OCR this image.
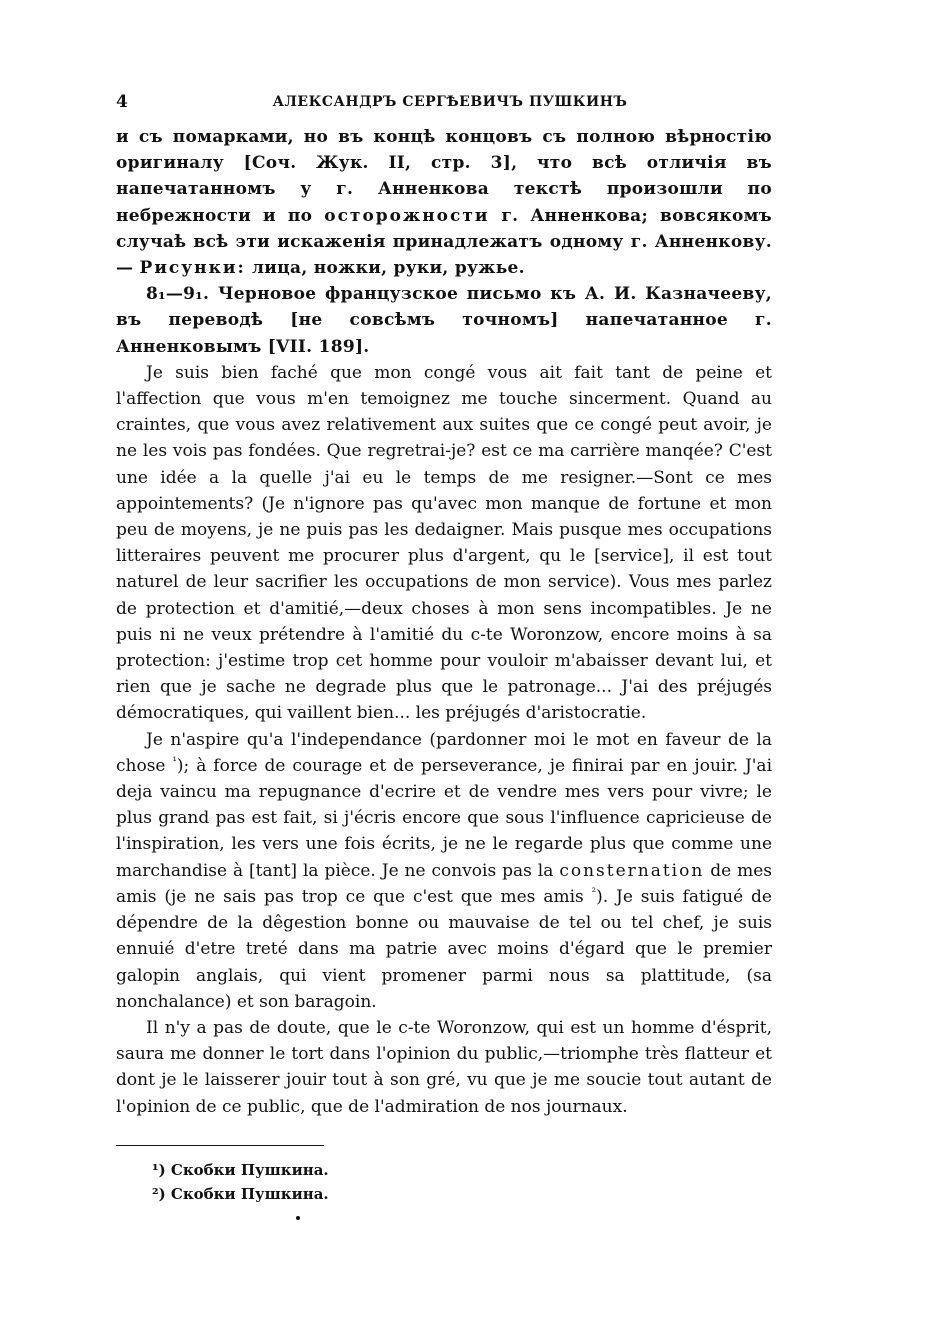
4	АЛЕКСАНДРЪ СЕРГѢЕВИЧЪ ПУШКИНЪ

и съ помарками, но въ концѣ концовъ съ полною вѣрностію оригиналу [Соч. Жук. II, стр. 3], что всѣ отличія въ напечатанномъ у г. Анненкова текстѣ произошли по небрежности и по осторожности г. Анненкова; вовсякомъ случаѣ всѣ эти искаженія принадлежатъ одному г. Анненкову.— Рисунки: лица, ножки, руки, ружье.

8₁—9₁. Черновое французское письмо къ А. И. Казначееву, въ переводѣ [не совсѣмъ точномъ] напечатанное г. Анненковымъ [VII. 189].

Je suis bien faché que mon congé vous ait fait tant de peine et l'affection que vous m'en temoignez me touche sincerment. Quand au craintes, que vous avez relativement aux suites que ce congé peut avoir, je ne les vois pas fondées. Que regretrai-je? est ce ma carrière manqée? C'est une idée a la quelle j'ai eu le temps de me resigner.—Sont ce mes appointements? (Je n'ignore pas qu'avec mon manque de fortune et mon peu de moyens, je ne puis pas les dedaigner. Mais pusque mes occupations litteraires peuvent me procurer plus d'argent, qu le [service], il est tout naturel de leur sacrifier les occupations de mon service). Vous mes parlez de protection et d'amitié,—deux choses à mon sens incompatibles. Je ne puis ni ne veux prétendre à l'amitié du c-te Woronzow, encore moins à sa protection: j'estime trop cet homme pour vouloir m'abaisser devant lui, et rien que je sache ne degrade plus que le patronage... J'ai des préjugés démocratiques, qui vaillent bien... les préjugés d'aristocratie.

Je n'aspire qu'a l'independance (pardonner moi le mot en faveur de la chose $^{^1}$); à force de courage et de perseverance, je finirai par en jouir. J'ai deja vaincu ma repugnance d'ecrire et de vendre mes vers pour vivre; le plus grand pas est fait, si j'écris encore que sous l'influence capricieuse de l'inspiration, les vers une fois écrits, je ne le regarde plus que comme une marchandise à [tant] la pièce. Je ne convois pas la consternation de mes amis (je ne sais pas trop ce que c'est que mes amis $^{^2}$). Je suis fatigué de dépendre de la dêgestion bonne ou mauvaise de tel ou tel chef, je suis ennuié d'etre treté dans ma patrie avec moins d'égard que le premier galopin anglais, qui vient promener parmi nous sa plattitude, (sa nonchalance) et son baragoin.

Il n'y a pas de doute, que le c-te Woronzow, qui est un homme d'ésprit, saura me donner le tort dans l'opinion du public,—triomphe très flatteur et dont je le laisserer jouir tout à son gré, vu que je me soucie tout autant de l'opinion de ce public, que de l'admiration de nos journaux.

¹) Скобки Пушкина.
²) Скобки Пушкина.
